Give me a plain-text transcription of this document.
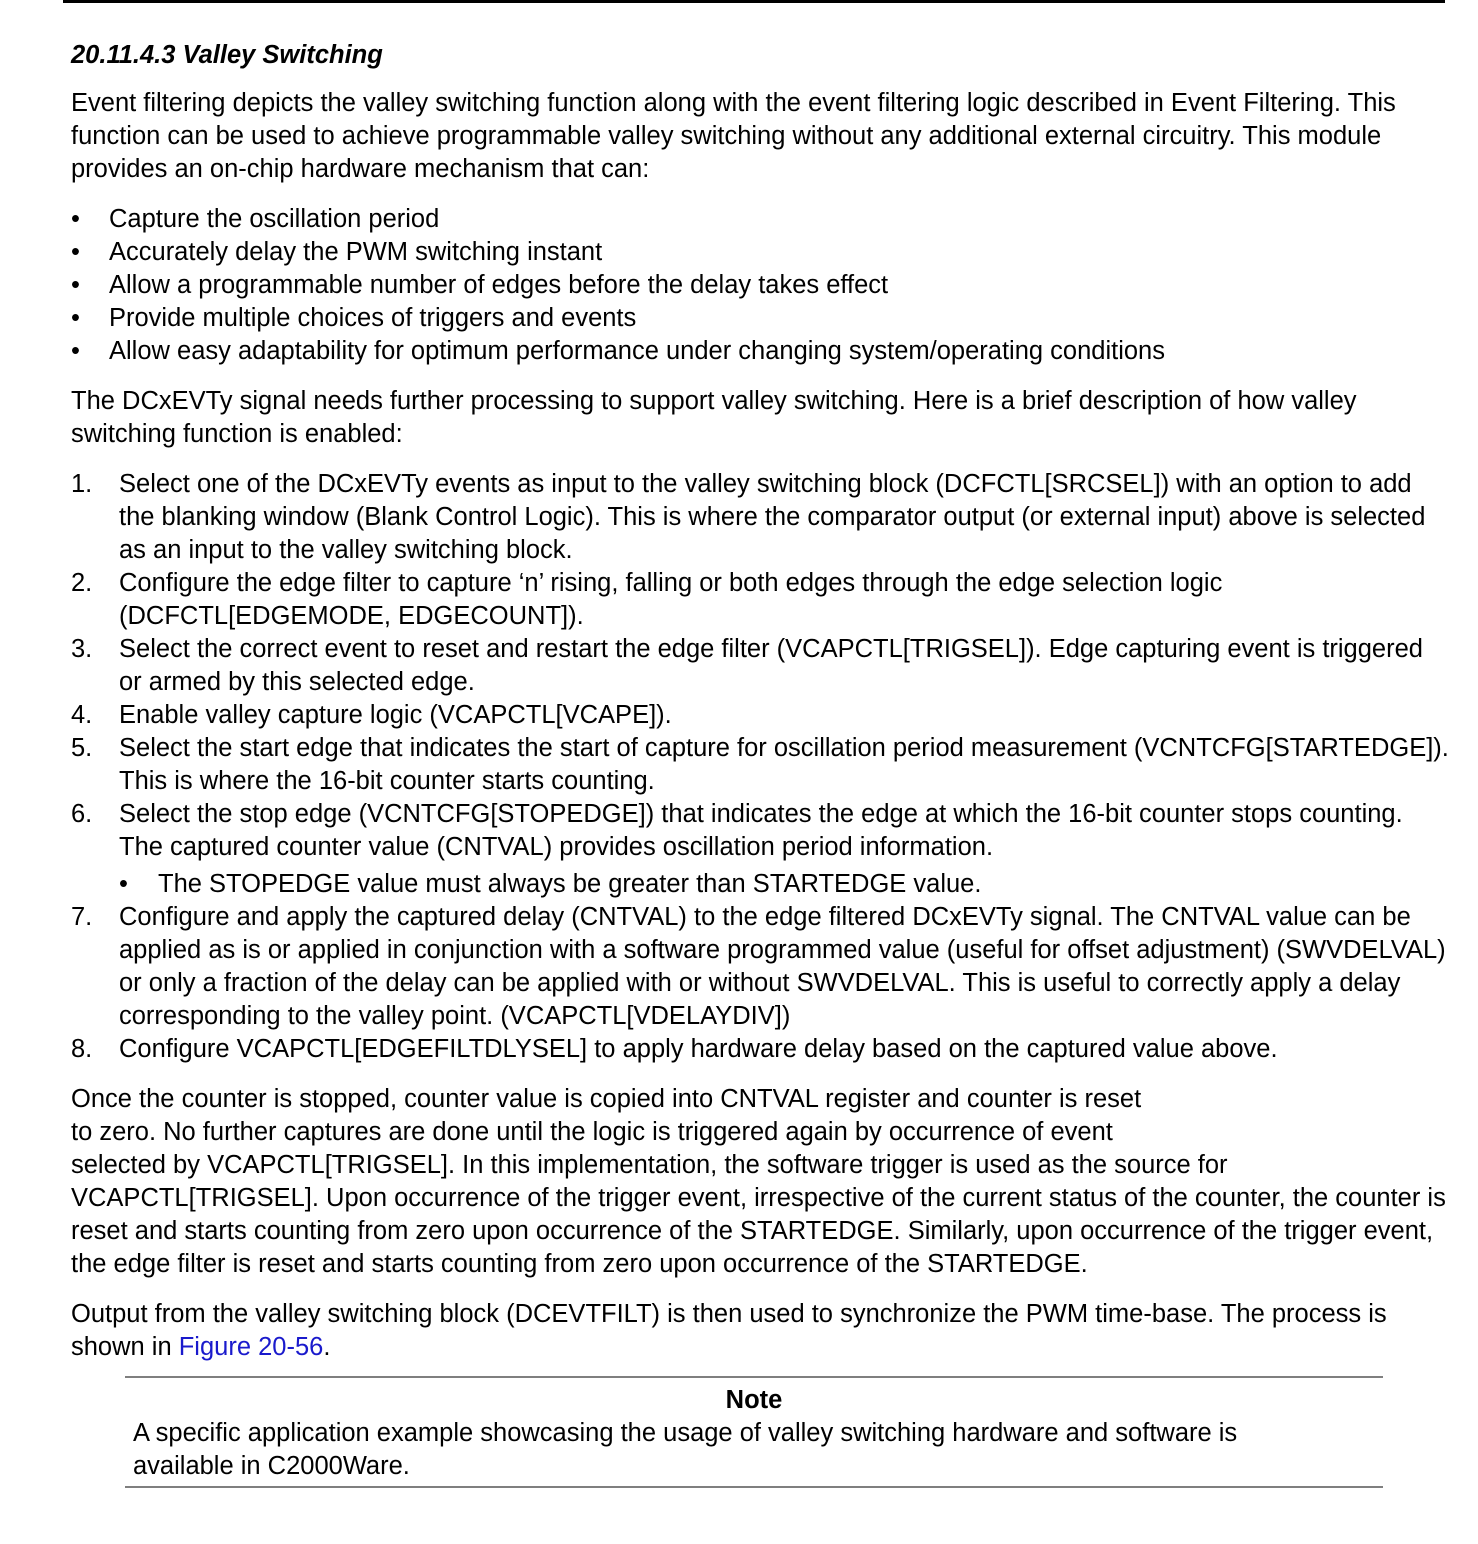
20.11.4.3 Valley Switching

Event filtering depicts the valley switching function along with the event filtering logic described in Event Filtering. This function can be used to achieve programmable valley switching without any additional external circuitry. This module provides an on-chip hardware mechanism that can:

• Capture the oscillation period
• Accurately delay the PWM switching instant
• Allow a programmable number of edges before the delay takes effect
• Provide multiple choices of triggers and events
• Allow easy adaptability for optimum performance under changing system/operating conditions

The DCxEVTy signal needs further processing to support valley switching. Here is a brief description of how valley switching function is enabled:

1. Select one of the DCxEVTy events as input to the valley switching block (DCFCTL[SRCSEL]) with an option to add the blanking window (Blank Control Logic). This is where the comparator output (or external input) above is selected as an input to the valley switching block.
2. Configure the edge filter to capture ‘n’ rising, falling or both edges through the edge selection logic (DCFCTL[EDGEMODE, EDGECOUNT]).
3. Select the correct event to reset and restart the edge filter (VCAPCTL[TRIGSEL]). Edge capturing event is triggered or armed by this selected edge.
4. Enable valley capture logic (VCAPCTL[VCAPE]).
5. Select the start edge that indicates the start of capture for oscillation period measurement (VCNTCFG[STARTEDGE]). This is where the 16-bit counter starts counting.
6. Select the stop edge (VCNTCFG[STOPEDGE]) that indicates the edge at which the 16-bit counter stops counting. The captured counter value (CNTVAL) provides oscillation period information.
• The STOPEDGE value must always be greater than STARTEDGE value.
7. Configure and apply the captured delay (CNTVAL) to the edge filtered DCxEVTy signal. The CNTVAL value can be applied as is or applied in conjunction with a software programmed value (useful for offset adjustment) (SWVDELVAL) or only a fraction of the delay can be applied with or without SWVDELVAL. This is useful to correctly apply a delay corresponding to the valley point. (VCAPCTL[VDELAYDIV])
8. Configure VCAPCTL[EDGEFILTDLYSEL] to apply hardware delay based on the captured value above.

Once the counter is stopped, counter value is copied into CNTVAL register and counter is reset
to zero. No further captures are done until the logic is triggered again by occurrence of event
selected by VCAPCTL[TRIGSEL]. In this implementation, the software trigger is used as the source for VCAPCTL[TRIGSEL]. Upon occurrence of the trigger event, irrespective of the current status of the counter, the counter is reset and starts counting from zero upon occurrence of the STARTEDGE. Similarly, upon occurrence of the trigger event, the edge filter is reset and starts counting from zero upon occurrence of the STARTEDGE.

Output from the valley switching block (DCEVTFILT) is then used to synchronize the PWM time-base. The process is shown in Figure 20-56.

Note
A specific application example showcasing the usage of valley switching hardware and software is available in C2000Ware.
